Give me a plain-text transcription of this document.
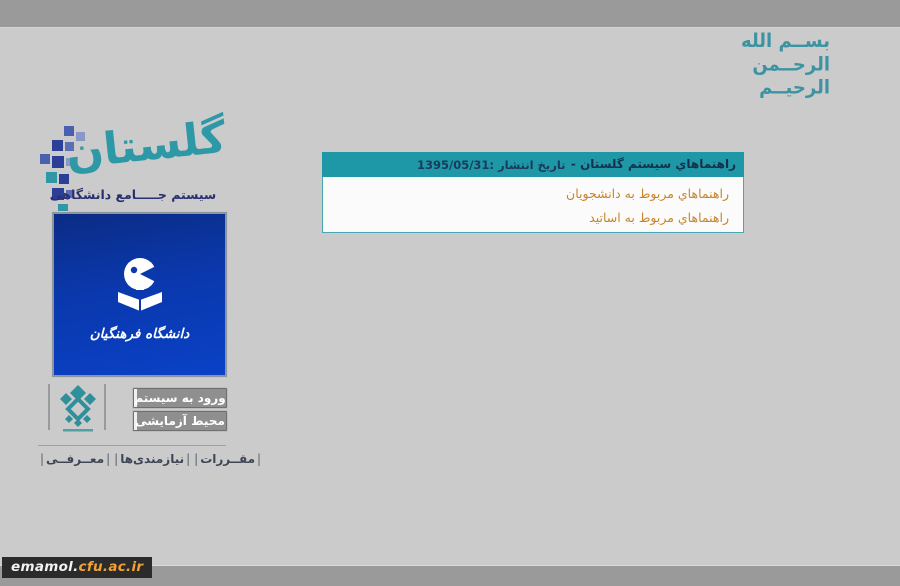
بســم الله
الرحــمن
الرحيــم
گلستان
سیستم جـــــامع دانشگاهی
دانشگاه فرهنگیان
ورود به سیستم
محیط آزمایشی
| معــرفــی |	| نیازمندی‌ها |	| مقــررات |
تاريخ انتشار :1395/05/31 - راهنماهاي سيستم گلستان
راهنماهاي مربوط به دانشجويان
راهنماهاي مربوط به اساتيد
emamol.cfu.ac.ir
